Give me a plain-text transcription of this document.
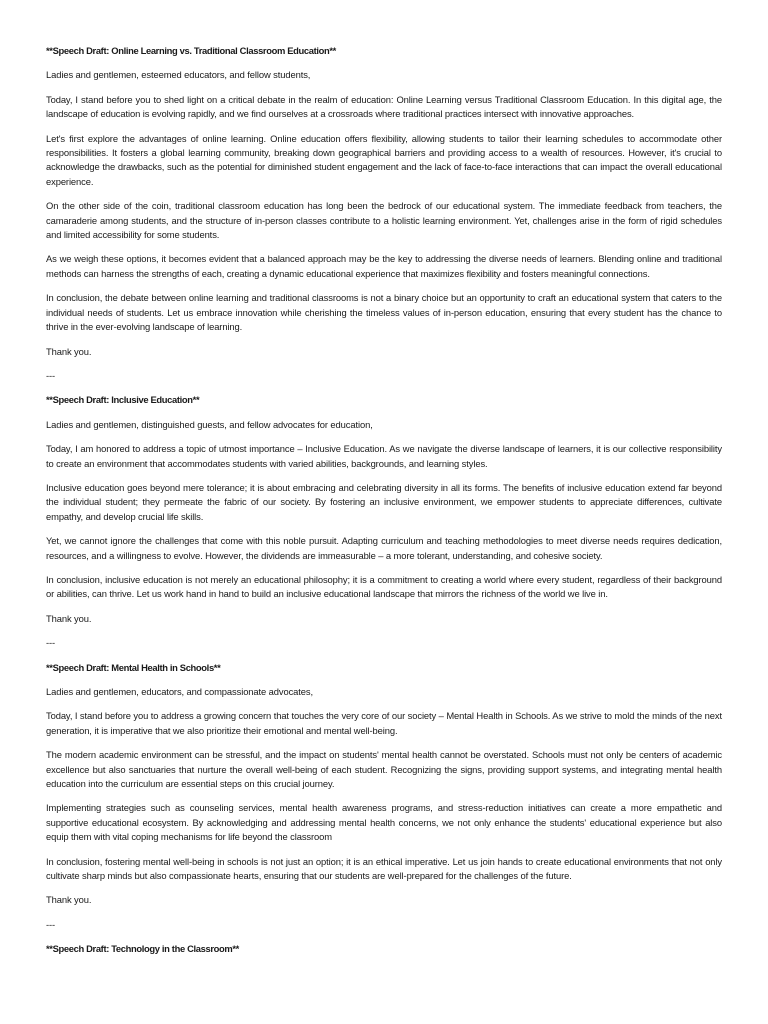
**Speech Draft: Online Learning vs. Traditional Classroom Education**

Ladies and gentlemen, esteemed educators, and fellow students,

Today, I stand before you to shed light on a critical debate in the realm of education: Online Learning versus Traditional Classroom Education. In this digital age, the landscape of education is evolving rapidly, and we find ourselves at a crossroads where traditional practices intersect with innovative approaches.

Let's first explore the advantages of online learning. Online education offers flexibility, allowing students to tailor their learning schedules to accommodate other responsibilities. It fosters a global learning community, breaking down geographical barriers and providing access to a wealth of resources. However, it's crucial to acknowledge the drawbacks, such as the potential for diminished student engagement and the lack of face-to-face interactions that can impact the overall educational experience.

On the other side of the coin, traditional classroom education has long been the bedrock of our educational system. The immediate feedback from teachers, the camaraderie among students, and the structure of in-person classes contribute to a holistic learning environment. Yet, challenges arise in the form of rigid schedules and limited accessibility for some students.

As we weigh these options, it becomes evident that a balanced approach may be the key to addressing the diverse needs of learners. Blending online and traditional methods can harness the strengths of each, creating a dynamic educational experience that maximizes flexibility and fosters meaningful connections.

In conclusion, the debate between online learning and traditional classrooms is not a binary choice but an opportunity to craft an educational system that caters to the individual needs of students. Let us embrace innovation while cherishing the timeless values of in-person education, ensuring that every student has the chance to thrive in the ever-evolving landscape of learning.

Thank you.

---

**Speech Draft: Inclusive Education**

Ladies and gentlemen, distinguished guests, and fellow advocates for education,

Today, I am honored to address a topic of utmost importance – Inclusive Education. As we navigate the diverse landscape of learners, it is our collective responsibility to create an environment that accommodates students with varied abilities, backgrounds, and learning styles.

Inclusive education goes beyond mere tolerance; it is about embracing and celebrating diversity in all its forms. The benefits of inclusive education extend far beyond the individual student; they permeate the fabric of our society. By fostering an inclusive environment, we empower students to appreciate differences, cultivate empathy, and develop crucial life skills.

Yet, we cannot ignore the challenges that come with this noble pursuit. Adapting curriculum and teaching methodologies to meet diverse needs requires dedication, resources, and a willingness to evolve. However, the dividends are immeasurable – a more tolerant, understanding, and cohesive society.

In conclusion, inclusive education is not merely an educational philosophy; it is a commitment to creating a world where every student, regardless of their background or abilities, can thrive. Let us work hand in hand to build an inclusive educational landscape that mirrors the richness of the world we live in.

Thank you.

---

**Speech Draft: Mental Health in Schools**

Ladies and gentlemen, educators, and compassionate advocates,

Today, I stand before you to address a growing concern that touches the very core of our society – Mental Health in Schools. As we strive to mold the minds of the next generation, it is imperative that we also prioritize their emotional and mental well-being.

The modern academic environment can be stressful, and the impact on students' mental health cannot be overstated. Schools must not only be centers of academic excellence but also sanctuaries that nurture the overall well-being of each student. Recognizing the signs, providing support systems, and integrating mental health education into the curriculum are essential steps on this crucial journey.

Implementing strategies such as counseling services, mental health awareness programs, and stress-reduction initiatives can create a more empathetic and supportive educational ecosystem. By acknowledging and addressing mental health concerns, we not only enhance the students' educational experience but also equip them with vital coping mechanisms for life beyond the classroom

In conclusion, fostering mental well-being in schools is not just an option; it is an ethical imperative. Let us join hands to create educational environments that not only cultivate sharp minds but also compassionate hearts, ensuring that our students are well-prepared for the challenges of the future.

Thank you.

---

**Speech Draft: Technology in the Classroom**
